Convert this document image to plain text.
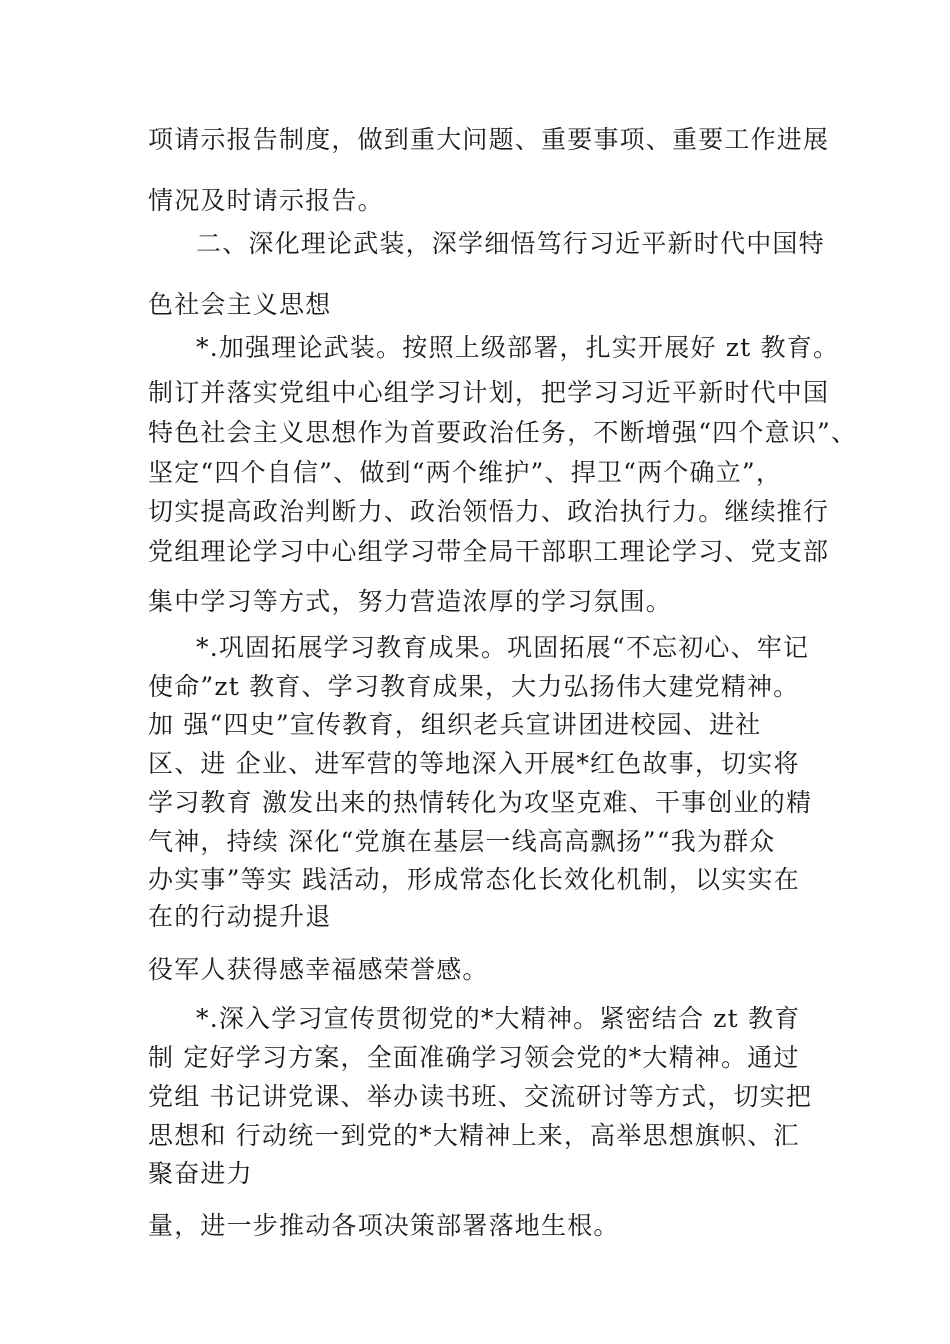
项请示报告制度，做到重大问题、重要事项、重要工作进展
情况及时请示报告。
二、深化理论武装，深学细悟笃行习近平新时代中国特
色社会主义思想
*.加强理论武装。按照上级部署，扎实开展好 zt 教育。
制订并落实党组中心组学习计划，把学习习近平新时代中国
特色社会主义思想作为首要政治任务，不断增强“四个意识”、
坚定“四个自信”、做到“两个维护”、捍卫“两个确立”，
切实提高政治判断力、政治领悟力、政治执行力。继续推行
党组理论学习中心组学习带全局干部职工理论学习、党支部
集中学习等方式，努力营造浓厚的学习氛围。
*.巩固拓展学习教育成果。巩固拓展“不忘初心、牢记
使命”zt 教育、学习教育成果，大力弘扬伟大建党精神。
加 强“四史”宣传教育，组织老兵宣讲团进校园、进社
区、进 企业、进军营的等地深入开展*红色故事，切实将
学习教育 激发出来的热情转化为攻坚克难、干事创业的精
气神，持续 深化“党旗在基层一线高高飘扬”“我为群众
办实事”等实 践活动，形成常态化长效化机制，以实实在
在的行动提升退
役军人获得感幸福感荣誉感。
*.深入学习宣传贯彻党的*大精神。紧密结合 zt 教育
制 定好学习方案，全面准确学习领会党的*大精神。通过
党组 书记讲党课、举办读书班、交流研讨等方式，切实把
思想和 行动统一到党的*大精神上来，高举思想旗帜、汇
聚奋进力
量，进一步推动各项决策部署落地生根。
